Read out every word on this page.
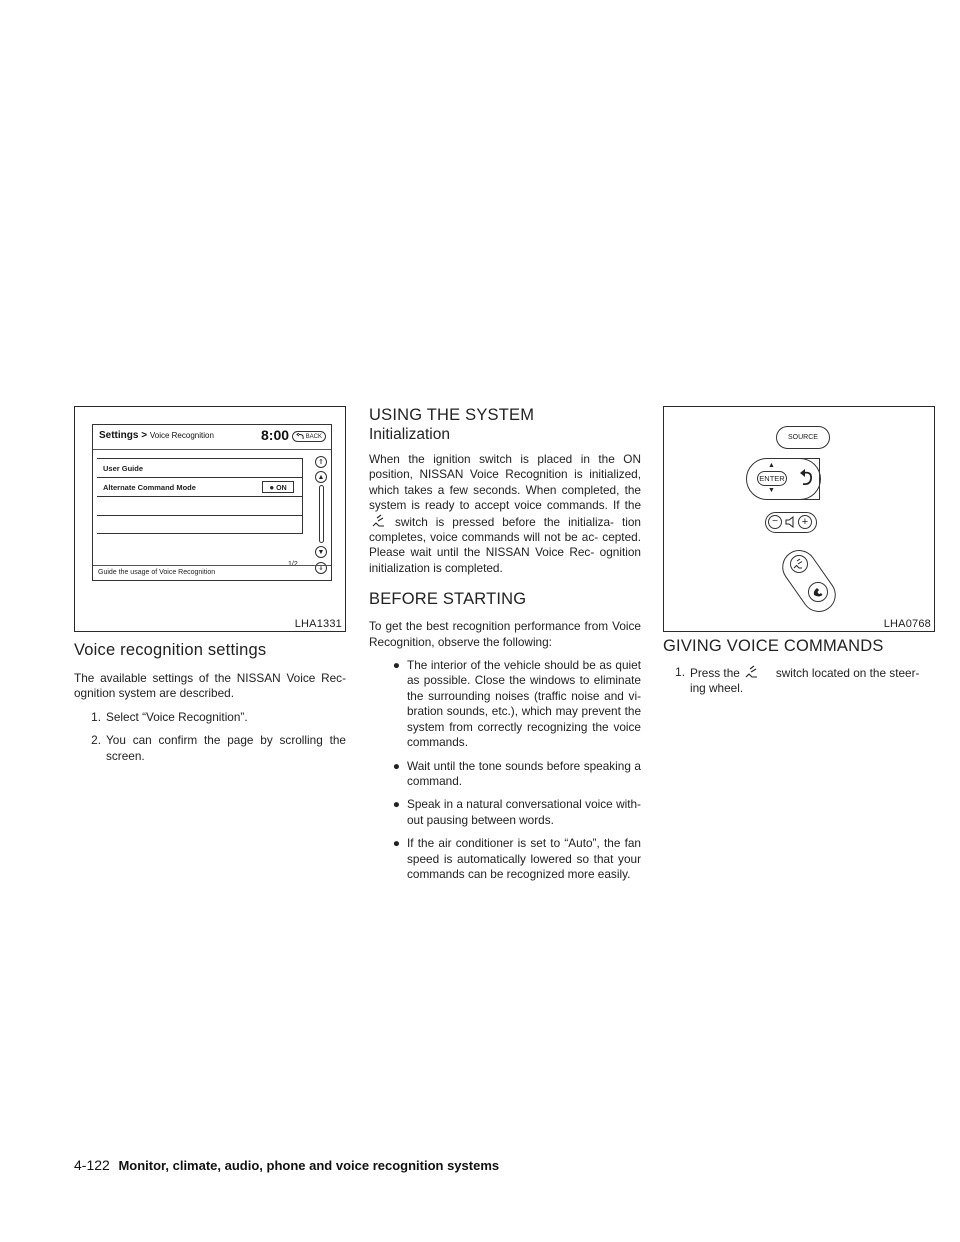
Settings > Voice Recognition	8:00	BACK
User Guide
Alternate Command Mode	● ON
⇑
▲
▼
⇓
1/2
Guide the usage of Voice Recognition
LHA1331
Voice recognition settings

The available settings of the NISSAN Voice Rec- ognition system are described.

1. Select “Voice Recognition”.
2. You can confirm the page by scrolling the screen.
USING THE SYSTEM
Initialization

When the ignition switch is placed in the ON position, NISSAN Voice Recognition is initialized, which takes a few seconds. When completed, the system is ready to accept voice commands. If theswitch is pressed before the initializa- tion completes, voice commands will not be ac- cepted. Please wait until the NISSAN Voice Rec- ognition initialization is completed.

BEFORE STARTING

To get the best recognition performance from Voice Recognition, observe the following:

● The interior of the vehicle should be as quiet as possible. Close the windows to eliminate the surrounding noises (traffic noise and vi- bration sounds, etc.), which may prevent the system from correctly recognizing the voice commands.
● Wait until the tone sounds before speaking a command.
● Speak in a natural conversational voice with- out pausing between words.
● If the air conditioner is set to “Auto”, the fan speed is automatically lowered so that your commands can be recognized more easily.
SOURCE
ENTER
▲
▼
−	+
LHA0768
GIVING VOICE COMMANDS
1. Press the	switch located on the steer- ing wheel.
4-122 Monitor, climate, audio, phone and voice recognition systems
